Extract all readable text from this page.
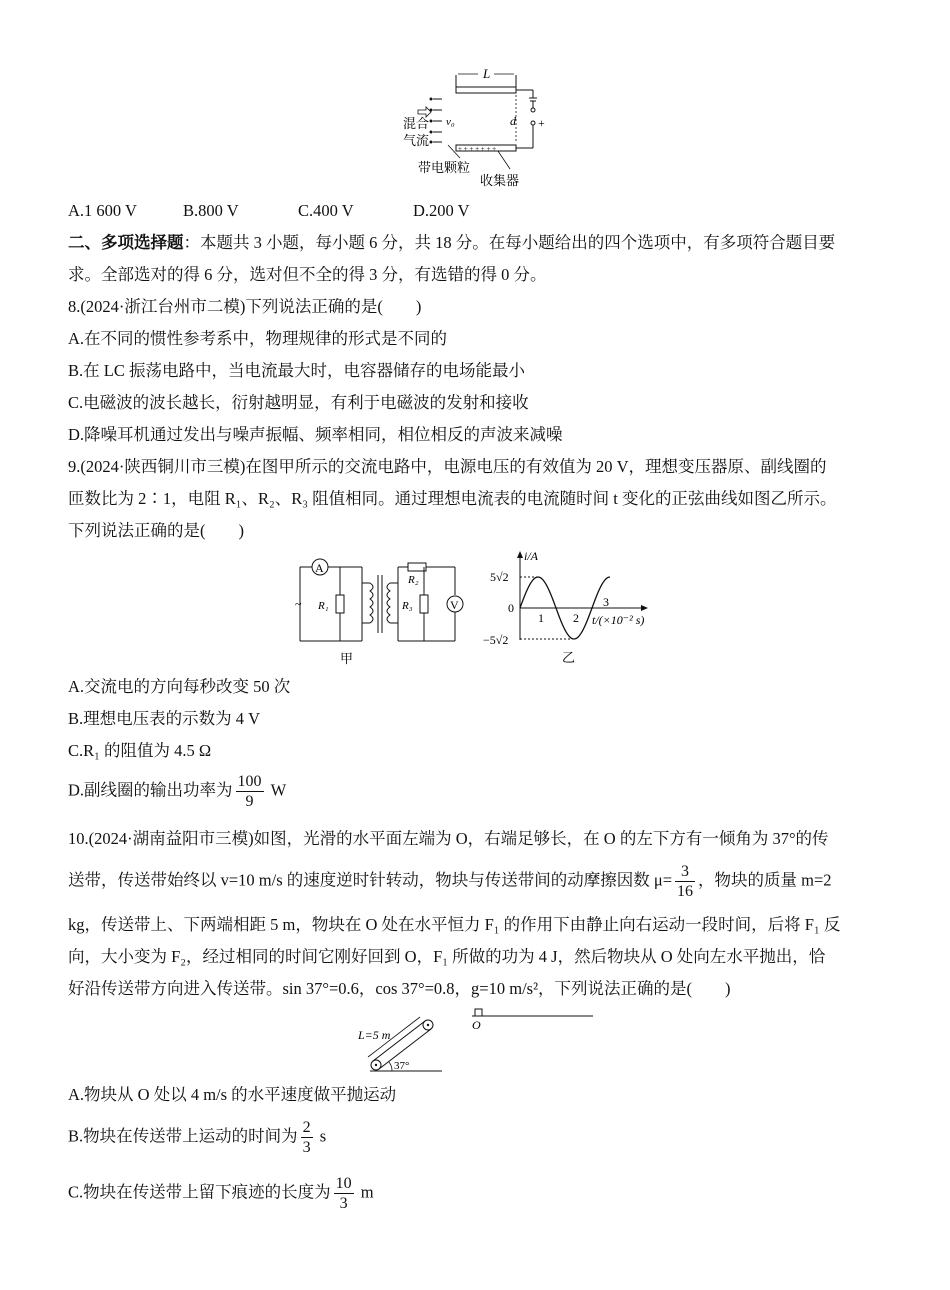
L
+ + + + + + +
+
d
v₀
混合
气流
带电颗粒
收集器
A.1 600 V	B.800 V	C.400 V	D.200 V
二、多项选择题：本题共 3 小题，每小题 6 分，共 18 分。在每小题给出的四个选项中，有多项符合题目要
求。全部选对的得 6 分，选对但不全的得 3 分，有选错的得 0 分。
8.(2024·浙江台州市二模)下列说法正确的是(　　)
A.在不同的惯性参考系中，物理规律的形式是不同的
B.在 LC 振荡电路中，当电流最大时，电容器储存的电场能最小
C.电磁波的波长越长，衍射越明显，有利于电磁波的发射和接收
D.降噪耳机通过发出与噪声振幅、频率相同，相位相反的声波来减噪
9.(2024·陕西铜川市三模)在图甲所示的交流电路中，电源电压的有效值为 20 V，理想变压器原、副线圈的
匝数比为 2∶1，电阻 R₁、R₂、R₃ 阻值相同。通过理想电流表的电流随时间 t 变化的正弦曲线如图乙所示。
下列说法正确的是(　　)
A
~ R₁
R₂
R₃	V
甲
i/A
5√2
−5√2
0
1 2
3
t/(×10⁻² s)
乙
A.交流电的方向每秒改变 50 次
B.理想电压表的示数为 4 V
C.R₁ 的阻值为 4.5 Ω
D.副线圈的输出功率为 $\frac{100}{9}$ W
10.(2024·湖南益阳市三模)如图，光滑的水平面左端为 O，右端足够长，在 O 的左下方有一倾角为 37°的传
送带，传送带始终以 v=10 m/s 的速度逆时针转动，物块与传送带间的动摩擦因数 $\mu= \frac{3}{16}$ ，物块的质量 m=2
kg，传送带上、下两端相距 5 m，物块在 O 处在水平恒力 F₁ 的作用下由静止向右运动一段时间，后将 F₁ 反
向，大小变为 F₂，经过相同的时间它刚好回到 O，F₁ 所做的功为 4 J，然后物块从 O 处向左水平抛出，恰
好沿传送带方向进入传送带。sin 37°=0.6，cos 37°=0.8，g=10 m/s²，下列说法正确的是(　　)
L=5 m
37°
O
A.物块从 O 处以 4 m/s 的水平速度做平抛运动
B.物块在传送带上运动的时间为 $\frac{2}{3}$ s
C.物块在传送带上留下痕迹的长度为 $\frac{10}{3}$ m
